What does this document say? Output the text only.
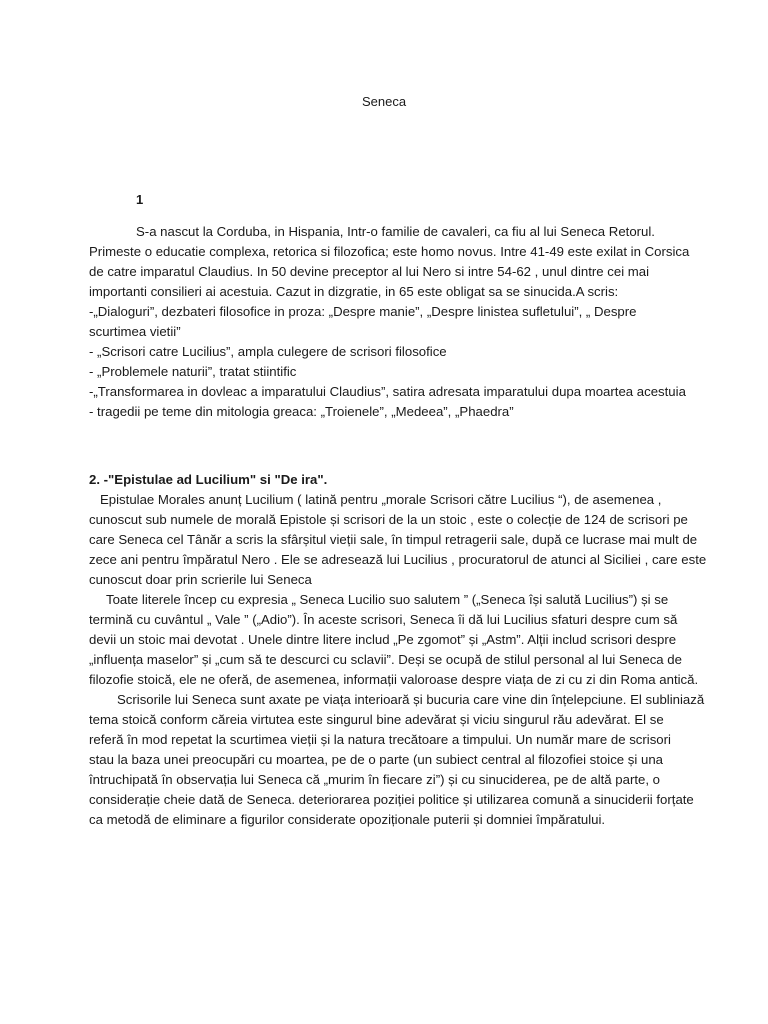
Seneca
1
S-a nascut la Corduba, in Hispania, Intr-o familie de cavaleri, ca fiu al lui Seneca Retorul.
Primeste o educatie complexa, retorica si filozofica; este homo novus. Intre 41-49 este exilat in Corsica
de catre imparatul Claudius. In 50 devine preceptor al lui Nero si intre 54-62 , unul dintre cei mai
importanti consilieri ai acestuia. Cazut in dizgratie, in 65 este obligat sa se sinucida.A scris:
-„Dialoguri”, dezbateri filosofice in proza: „Despre manie”, „Despre linistea sufletului”, „ Despre
scurtimea vietii”
- „Scrisori catre Lucilius”, ampla culegere de scrisori filosofice
- „Problemele naturii”, tratat stiintific
-„Transformarea in dovleac a imparatului Claudius”, satira adresata imparatului dupa moartea acestuia
- tragedii pe teme din mitologia greaca: „Troienele”, „Medeea”, „Phaedra”
2. -"Epistulae ad Lucilium" si "De ira".
Epistulae Morales anunț Lucilium ( latină pentru „morale Scrisori către Lucilius “), de asemenea ,
cunoscut sub numele de morală Epistole și scrisori de la un stoic , este o colecție de 124 de scrisori pe
care Seneca cel Tânăr a scris la sfârșitul vieții sale, în timpul retragerii sale, după ce lucrase mai mult de
zece ani pentru împăratul Nero . Ele se adresează lui Lucilius , procuratorul de atunci al Siciliei , care este
cunoscut doar prin scrierile lui Seneca
Toate literele încep cu expresia „ Seneca Lucilio suo salutem ” („Seneca își salută Lucilius”) și se
termină cu cuvântul „ Vale ” („Adio”). În aceste scrisori, Seneca îi dă lui Lucilius sfaturi despre cum să
devii un stoic mai devotat . Unele dintre litere includ „Pe zgomot” și „Astm”. Alții includ scrisori despre
„influența maselor” și „cum să te descurci cu sclavii”. Deși se ocupă de stilul personal al lui Seneca de
filozofie stoică, ele ne oferă, de asemenea, informații valoroase despre viața de zi cu zi din Roma antică.
Scrisorile lui Seneca sunt axate pe viața interioară și bucuria care vine din înțelepciune. El subliniază
tema stoică conform căreia virtutea este singurul bine adevărat și viciu singurul rău adevărat. El se
referă în mod repetat la scurtimea vieții și la natura trecătoare a timpului. Un număr mare de scrisori
stau la baza unei preocupări cu moartea, pe de o parte (un subiect central al filozofiei stoice și una
întruchipată în observația lui Seneca că „murim în fiecare zi”) și cu sinuciderea, pe de altă parte, o
considerație cheie dată de Seneca. deteriorarea poziției politice și utilizarea comună a sinuciderii forțate
ca metodă de eliminare a figurilor considerate opoziționale puterii și domniei împăratului.
